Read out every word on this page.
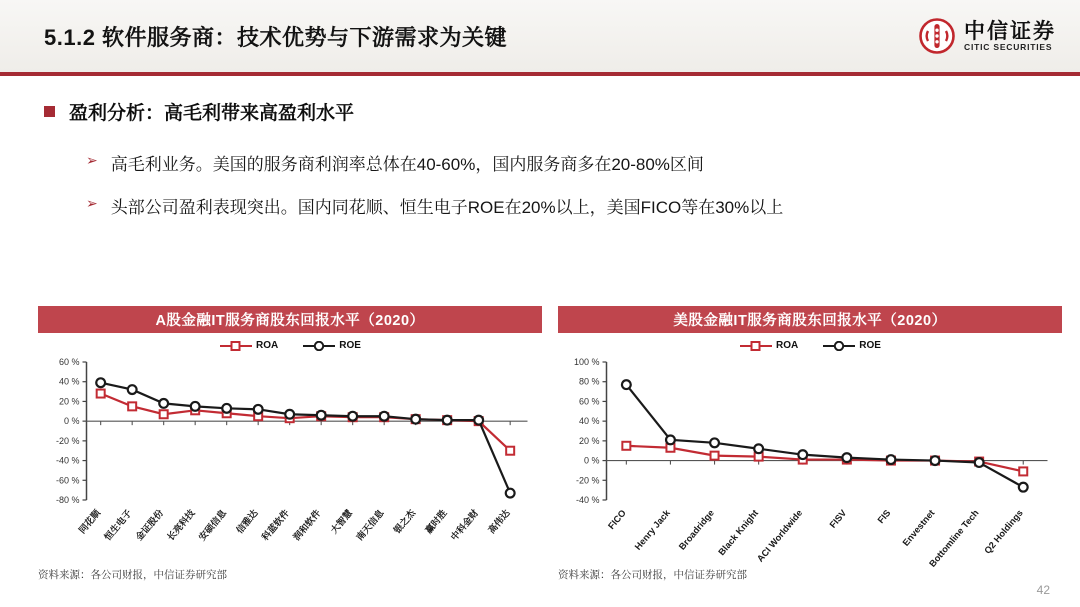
5.1.2 软件服务商：技术优势与下游需求为关键	中信证券
CITIC SECURITIES
盈利分析：高毛利带来高盈利水平
➢ 高毛利业务。美国的服务商利润率总体在40-60%，国内服务商多在20-80%区间
➢ 头部公司盈利表现突出。国内同花顺、恒生电子ROE在20%以上，美国FICO等在30%以上
A股金融IT服务商股东回报水平（2020）
ROA	ROE
60 %
40 %
20 %
0 %
-20 %
-40 %
-60 %
-80 %
同花顺 恒生电子 金证股份 长亮科技 安硕信息 信雅达 科蓝软件 润和软件 大智慧 南天信息 银之杰 赢时胜 中科金财 高伟达
美股金融IT服务商股东回报水平（2020）
ROA	ROE
100 %
80 %
60 %
40 %
20 %
0 %
-20 %
-40 %
FICO Henry Jack Broadridge Black Knight
ACI Worldwide	FISV	FIS Envestnet
Bottomline Tech Q2 Holdings
资料来源：各公司财报，中信证券研究部	资料来源：各公司财报，中信证券研究部
42
